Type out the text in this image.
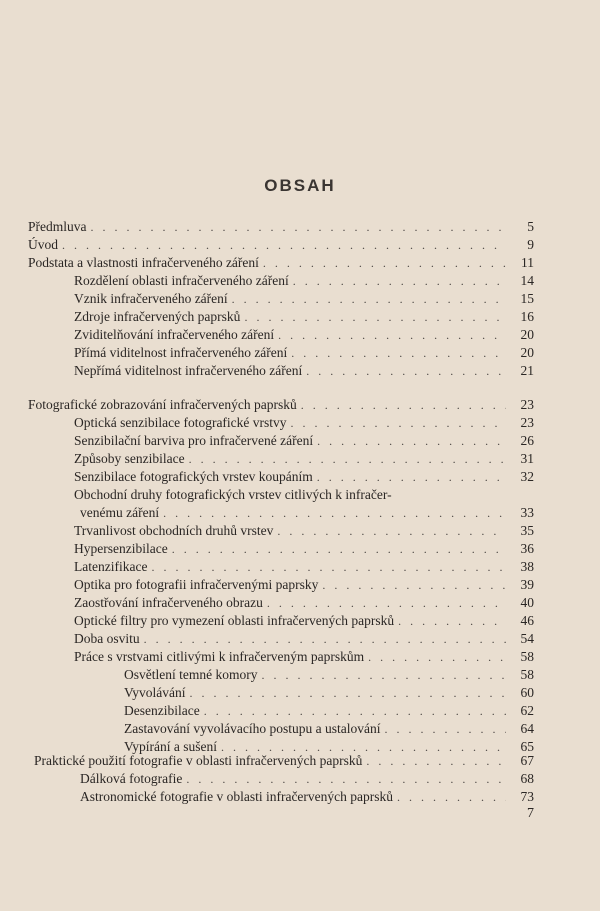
OBSAH
Předmluva . . .	5
Úvod . . .	9
Podstata a vlastnosti infračerveného záření . . .	11
Rozdělení oblasti infračerveného záření . . .	14
Vznik infračerveného záření . . .	15
Zdroje infračervených paprsků . . .	16
Zviditelňování infračerveného záření . . .	20
Přímá viditelnost infračerveného záření . . .	20
Nepřímá viditelnost infračerveného záření . . .	21
Fotografické zobrazování infračervených paprsků . . .	23
Optická senzibilace fotografické vrstvy . . .	23
Senzibilační barviva pro infračervené záření . . .	26
Způsoby senzibilace . . .	31
Senzibilace fotografických vrstev koupáním . . .	32
Obchodní druhy fotografických vrstev citlivých k infračer-
venému záření . . .	33
Trvanlivost obchodních druhů vrstev . . .	35
Hypersenzibilace . . .	36
Latenzifikace . . .	38
Optika pro fotografii infračervenými paprsky . . .	39
Zaostřování infračerveného obrazu . . .	40
Optické filtry pro vymezení oblasti infračervených paprsků . . .	46
Doba osvitu . . .	54
Práce s vrstvami citlivými k infračerveným paprskům . . .	58
Osvětlení temné komory . . .	58
Vyvolávání . . .	60
Desenzibilace . . .	62
Zastavování vyvolávacího postupu a ustalování . . .	64
Vypírání a sušení . . .	65
Praktické použití fotografie v oblasti infračervených paprsků . . .	67
Dálková fotografie . . .	68
Astronomické fotografie v oblasti infračervených paprsků . . .	73
7
